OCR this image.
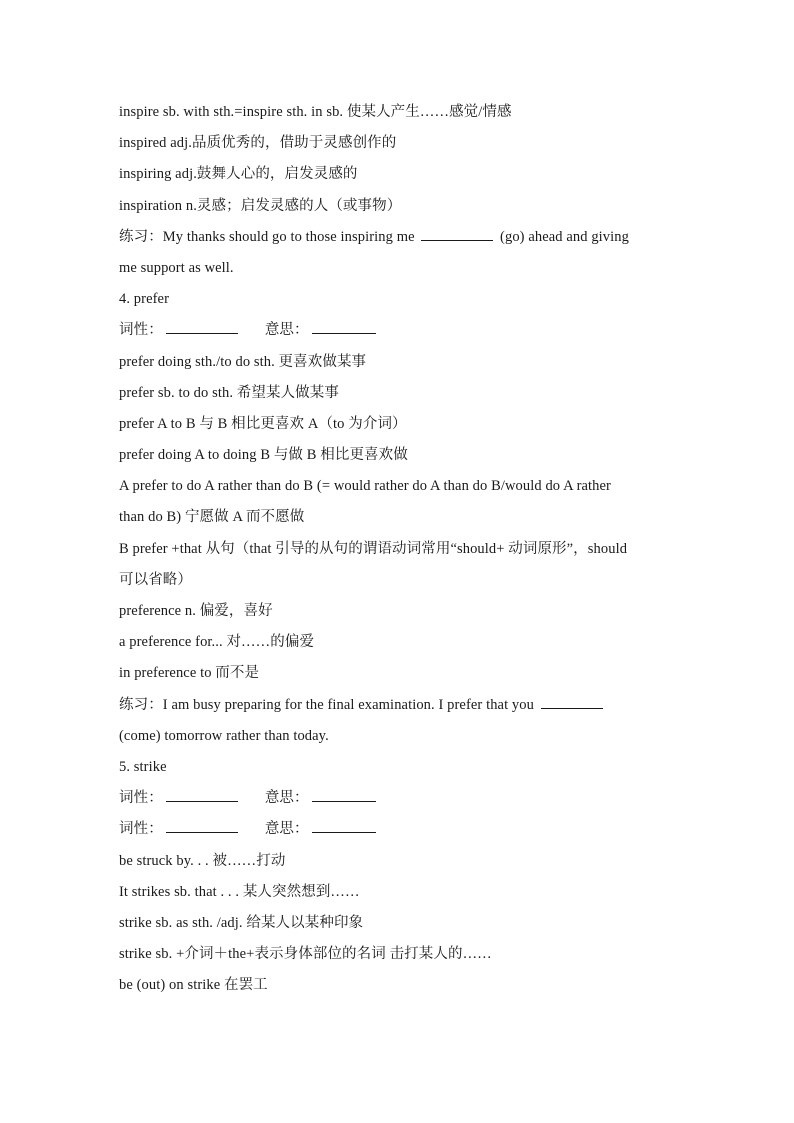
inspire sb. with sth.=inspire sth. in sb. 使某人产生……感觉/情感
inspired adj.品质优秀的，借助于灵感创作的
inspiring adj.鼓舞人心的，启发灵感的
inspiration n.灵感；启发灵感的人（或事物）
练习：My thanks should go to those inspiring me	(go) ahead and giving
me support as well.
4. prefer
词性：	意思：
prefer doing sth./to do sth. 更喜欢做某事
prefer sb. to do sth. 希望某人做某事
prefer A to B 与 B 相比更喜欢 A（to 为介词）
prefer doing A to doing B 与做 B 相比更喜欢做
A prefer to do A rather than do B (= would rather do A than do B/would do A rather
than do B) 宁愿做 A 而不愿做
B prefer +that 从句（that 引导的从句的谓语动词常用“should+ 动词原形”，should
可以省略）
preference n. 偏爱，喜好
a preference for... 对……的偏爱
in preference to 而不是
练习：I am busy preparing for the final examination. I prefer that you
(come) tomorrow rather than today.
5. strike
词性：	意思：
词性：	意思：
be struck by. . . 被……打动
It strikes sb. that . . . 某人突然想到……
strike sb. as sth. /adj. 给某人以某种印象
strike sb. +介词＋the+表示身体部位的名词 击打某人的……
be (out) on strike 在罢工
